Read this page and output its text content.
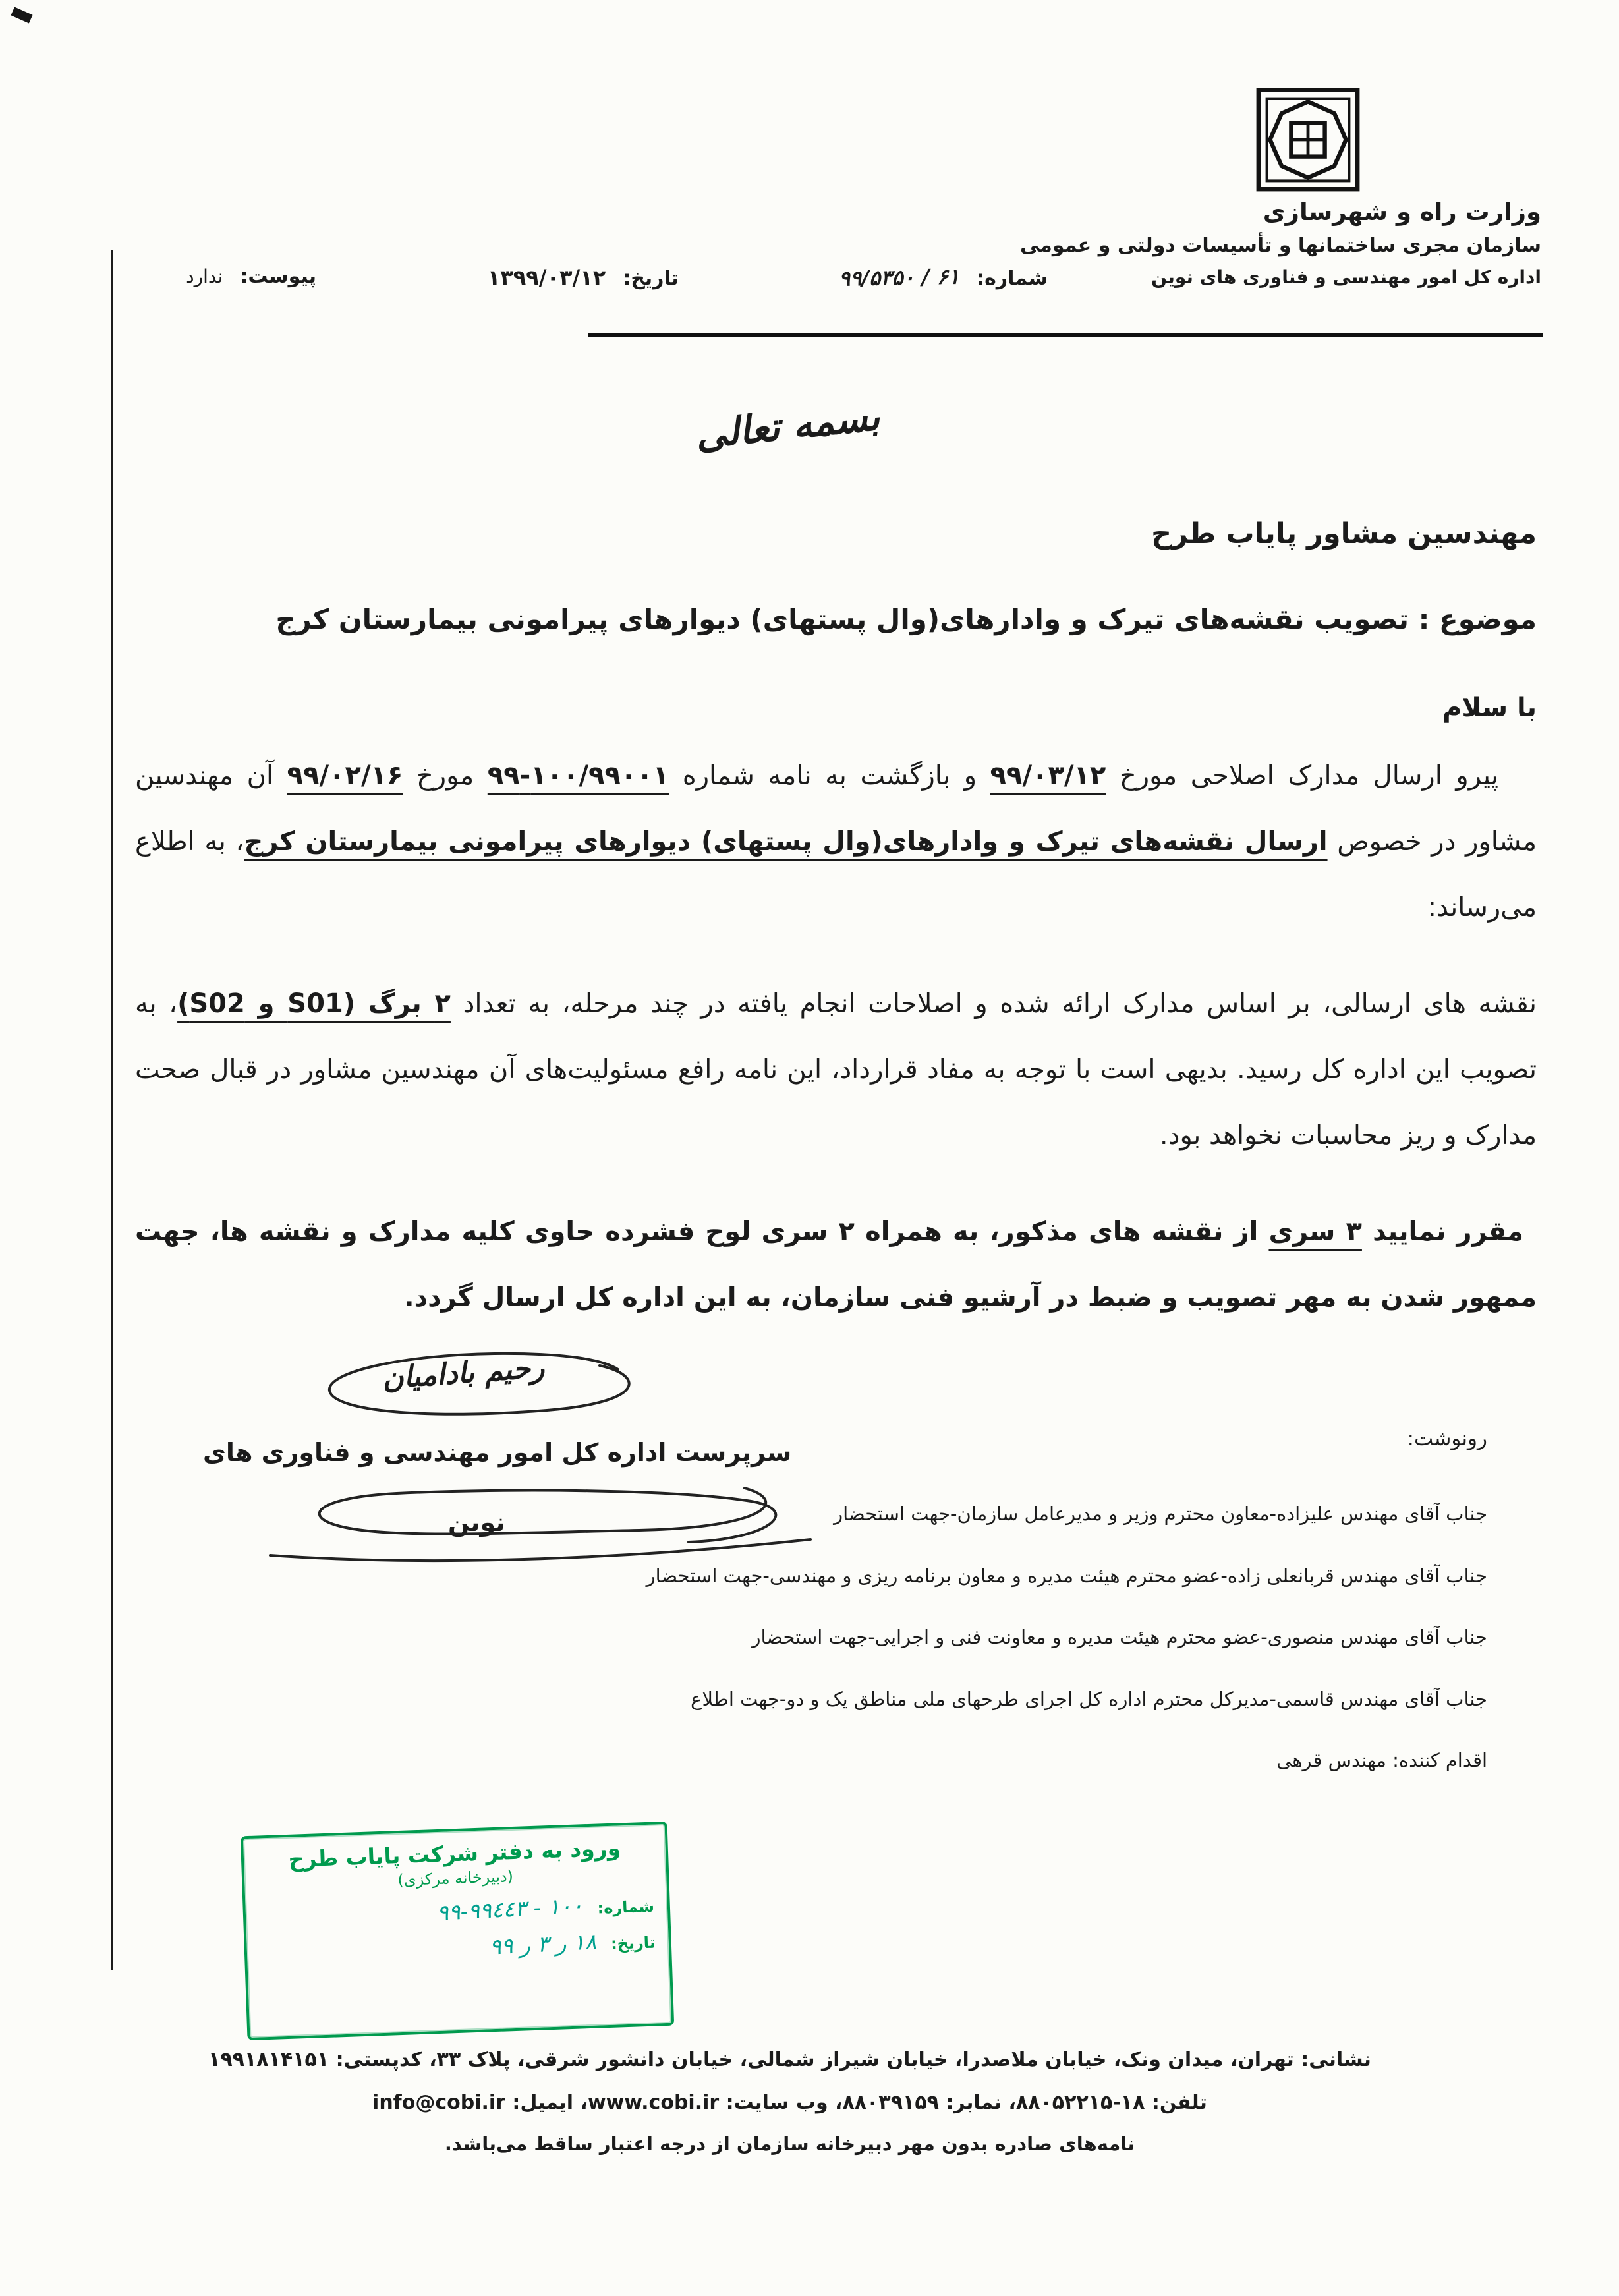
وزارت راه و شهرسازی
سازمان مجری ساختمانها و تأسیسات دولتی و عمومی
اداره کل امور مهندسی و فناوری های نوین
شماره:
۶۱ / ۹۹/۵۳۵۰
تاریخ:
۱۳۹۹/۰۳/۱۲
پیوست:
ندارد
بسمه تعالی
مهندسین مشاور پایاب طرح
موضوع : تصویب نقشه‌های تیرک و وادارهای(وال پستهای) دیوارهای پیرامونی بیمارستان کرج
با سلام

پیرو ارسال مدارک اصلاحی مورخ ۹۹/۰۳/۱۲ و بازگشت به نامه شماره ۱۰۰/۹۹۰۰۱-۹۹ مورخ ۹۹/۰۲/۱۶ آن مهندسین مشاور در خصوص ارسال نقشه‌های تیرک و وادارهای(وال پستهای) دیوارهای پیرامونی بیمارستان کرج، به اطلاع می‌رساند:

نقشه های ارسالی، بر اساس مدارک ارائه شده و اصلاحات انجام یافته در چند مرحله، به تعداد ۲ برگ (S01 و S02)، به تصویب این اداره کل رسید. بدیهی است با توجه به مفاد قرارداد، این نامه رافع مسئولیت‌های آن مهندسین مشاور در قبال صحت مدارک و ریز محاسبات نخواهد بود.

مقرر نمایید ۳ سری از نقشه های مذکور، به همراه ۲ سری لوح فشرده حاوی کلیه مدارک و نقشه ها، جهت ممهور شدن به مهر تصویب و ضبط در آرشیو فنی سازمان، به این اداره کل ارسال گردد.

رحیم بادامیان
سرپرست اداره کل امور مهندسی و فناوری های
نوین
رونوشت:
جناب آقای مهندس علیزاده-معاون محترم وزیر و مدیرعامل سازمان-جهت استحضار
جناب آقای مهندس قربانعلی زاده-عضو محترم هیئت مدیره و معاون برنامه ریزی و مهندسی-جهت استحضار
جناب آقای مهندس منصوری-عضو محترم هیئت مدیره و معاونت فنی و اجرایی-جهت استحضار
جناب آقای مهندس قاسمی-مدیرکل محترم اداره کل اجرای طرحهای ملی مناطق یک و دو-جهت اطلاع
اقدام کننده: مهندس قرهی
ورود به دفتر شرکت پایاب طرح
(دبیرخانه مرکزی)
شماره:
۱۰۰ - ۹۹-۹۹٤٤۳
تاریخ:
۱۸ ر ۳ ر ۹۹
نشانی: تهران، میدان ونک، خیابان ملاصدرا، خیابان شیراز شمالی، خیابان دانشور شرقی، پلاک ۳۳، کدپستی: ۱۹۹۱۸۱۴۱۵۱
تلفن: ۱۸-۸۸۰۵۲۲۱۵، نمابر: ۸۸۰۳۹۱۵۹، وب سایت: www.cobi.ir، ایمیل: info@cobi.ir
نامه‌های صادره بدون مهر دبیرخانه سازمان از درجه اعتبار ساقط می‌باشد.
